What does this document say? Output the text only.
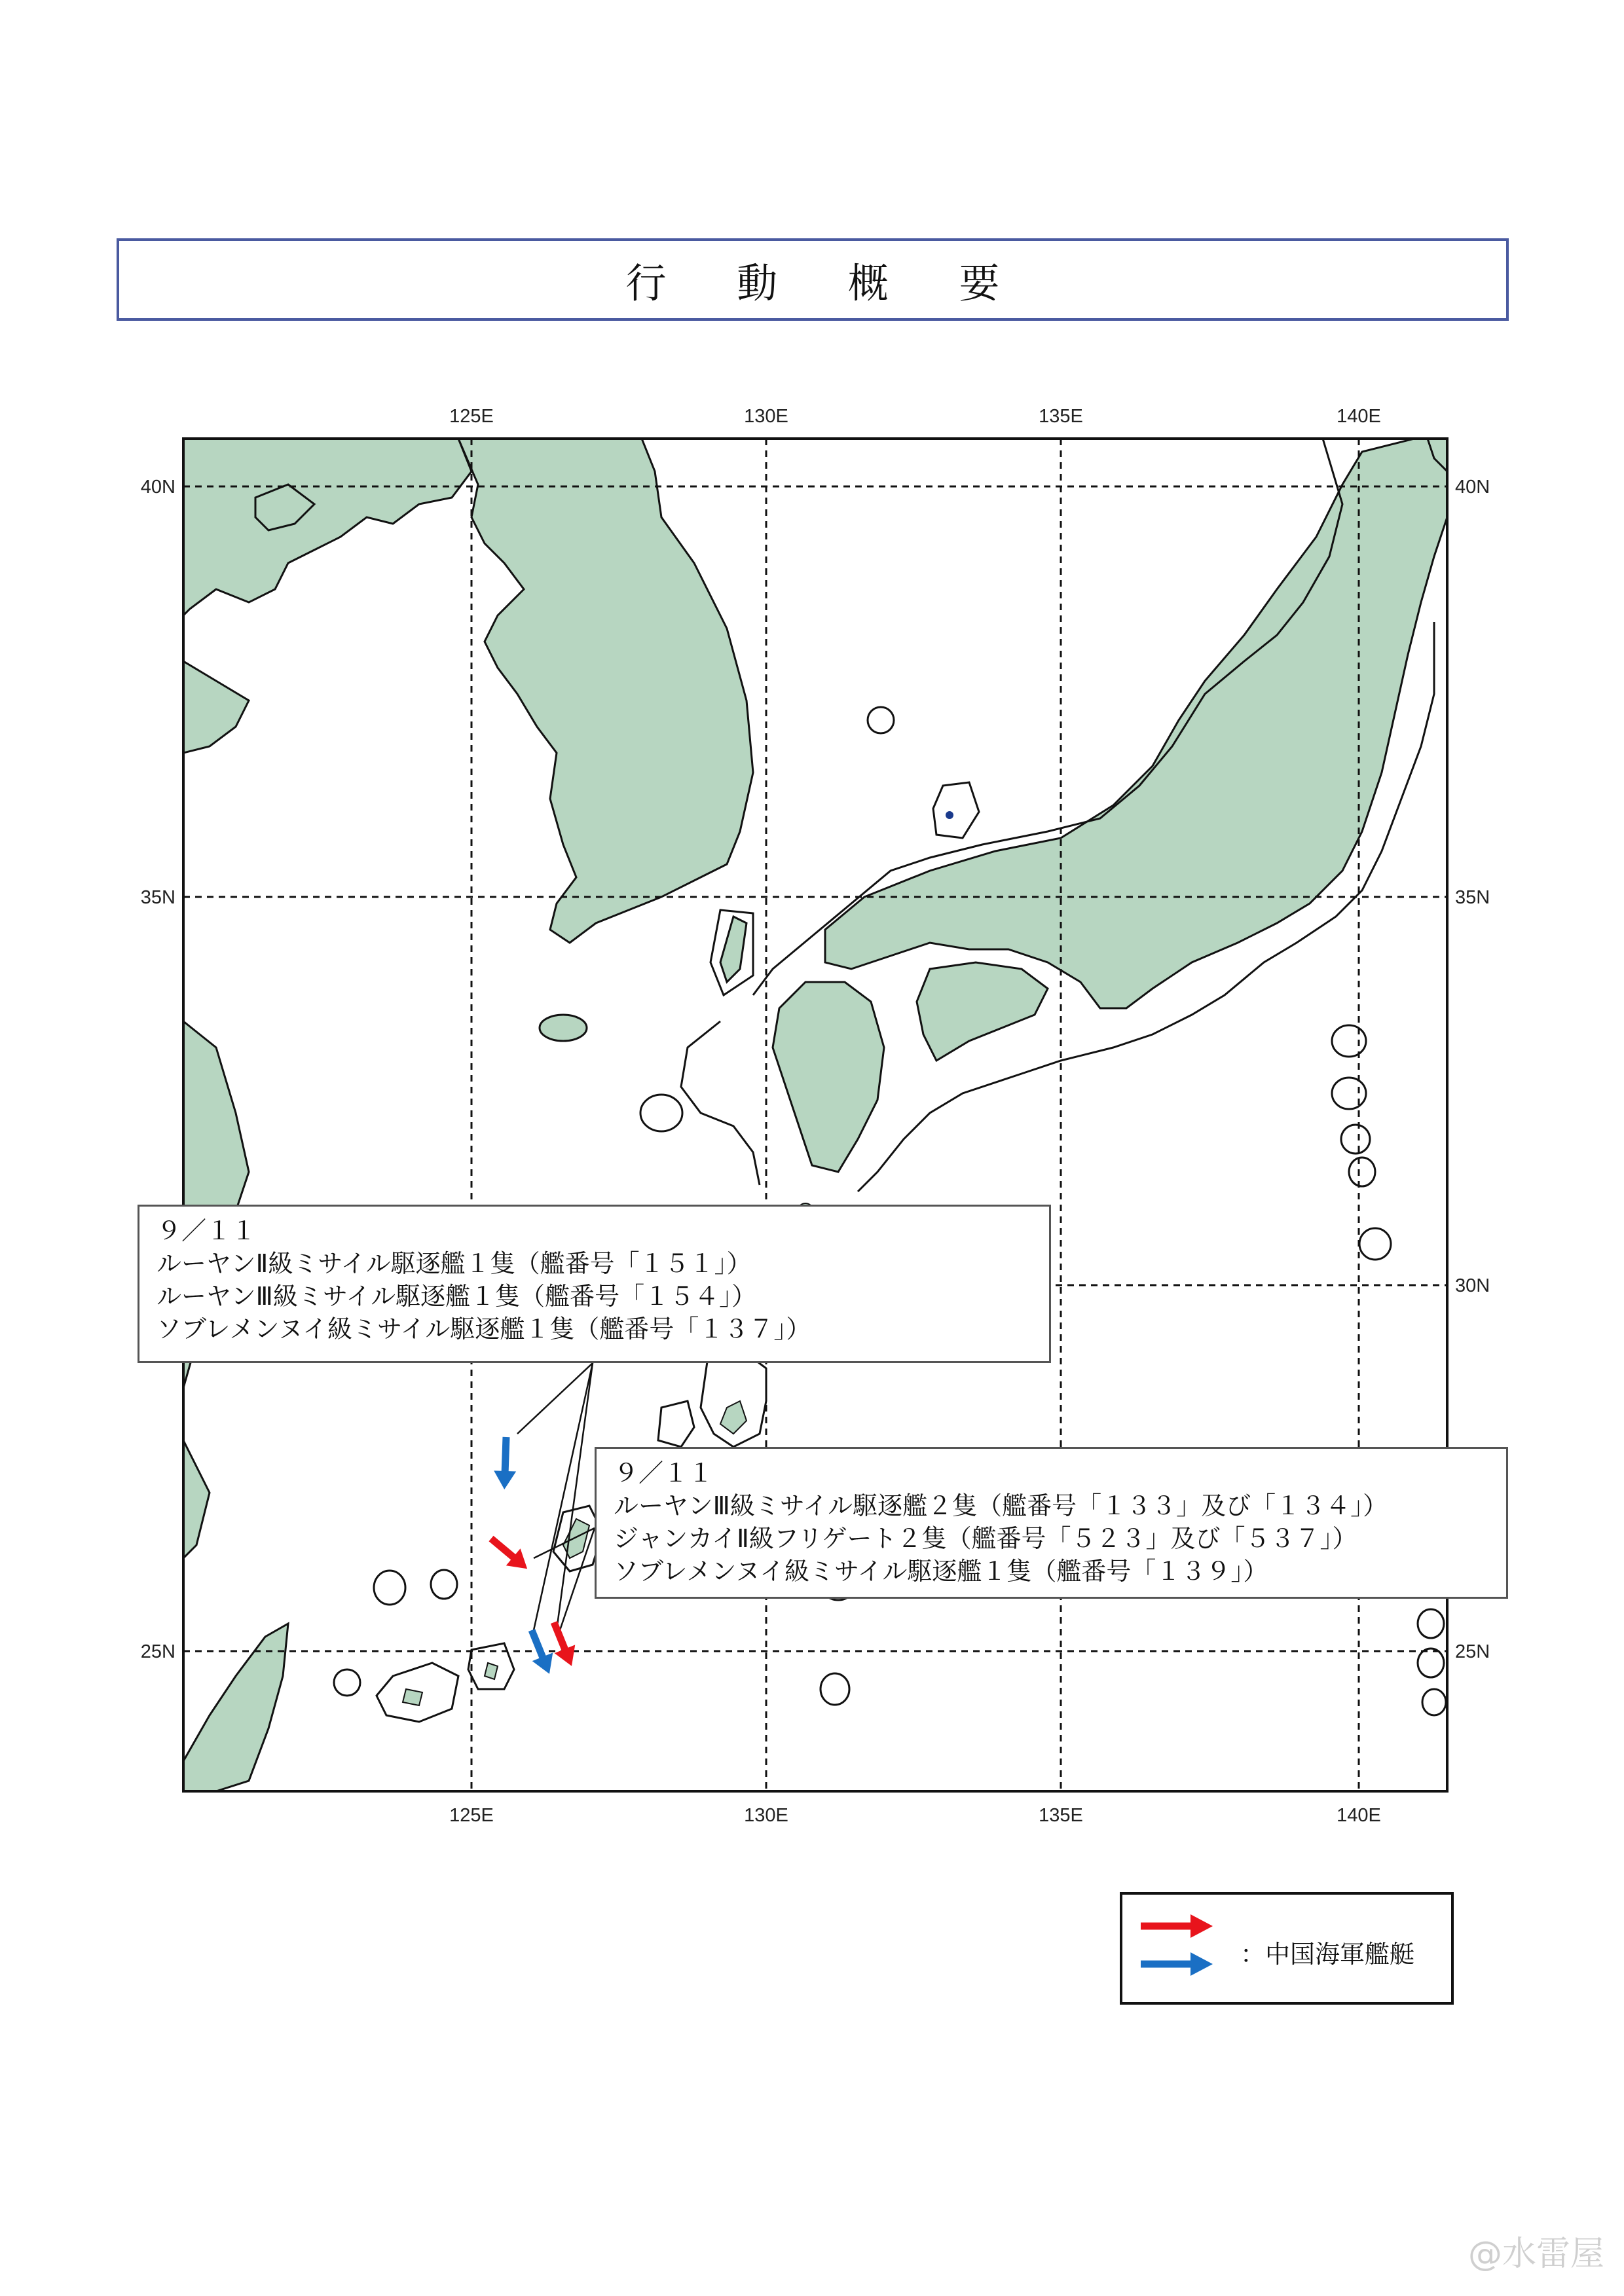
行 動 概 要
125E	130E	135E	140E
125E	130E	135E	140E
40N
35N
25N
40N
35N
30N
25N
９／１１
ルーヤンⅡ級ミサイル駆逐艦１隻（艦番号「１５１」）
ルーヤンⅢ級ミサイル駆逐艦１隻（艦番号「１５４」）
ソブレメンヌイ級ミサイル駆逐艦１隻（艦番号「１３７」）
９／１１
ルーヤンⅢ級ミサイル駆逐艦２隻（艦番号「１３３」及び「１３４」）
ジャンカイⅡ級フリゲート２隻（艦番号「５２３」及び「５３７」）
ソブレメンヌイ級ミサイル駆逐艦１隻（艦番号「１３９」）
：中国海軍艦艇
@水雷屋
